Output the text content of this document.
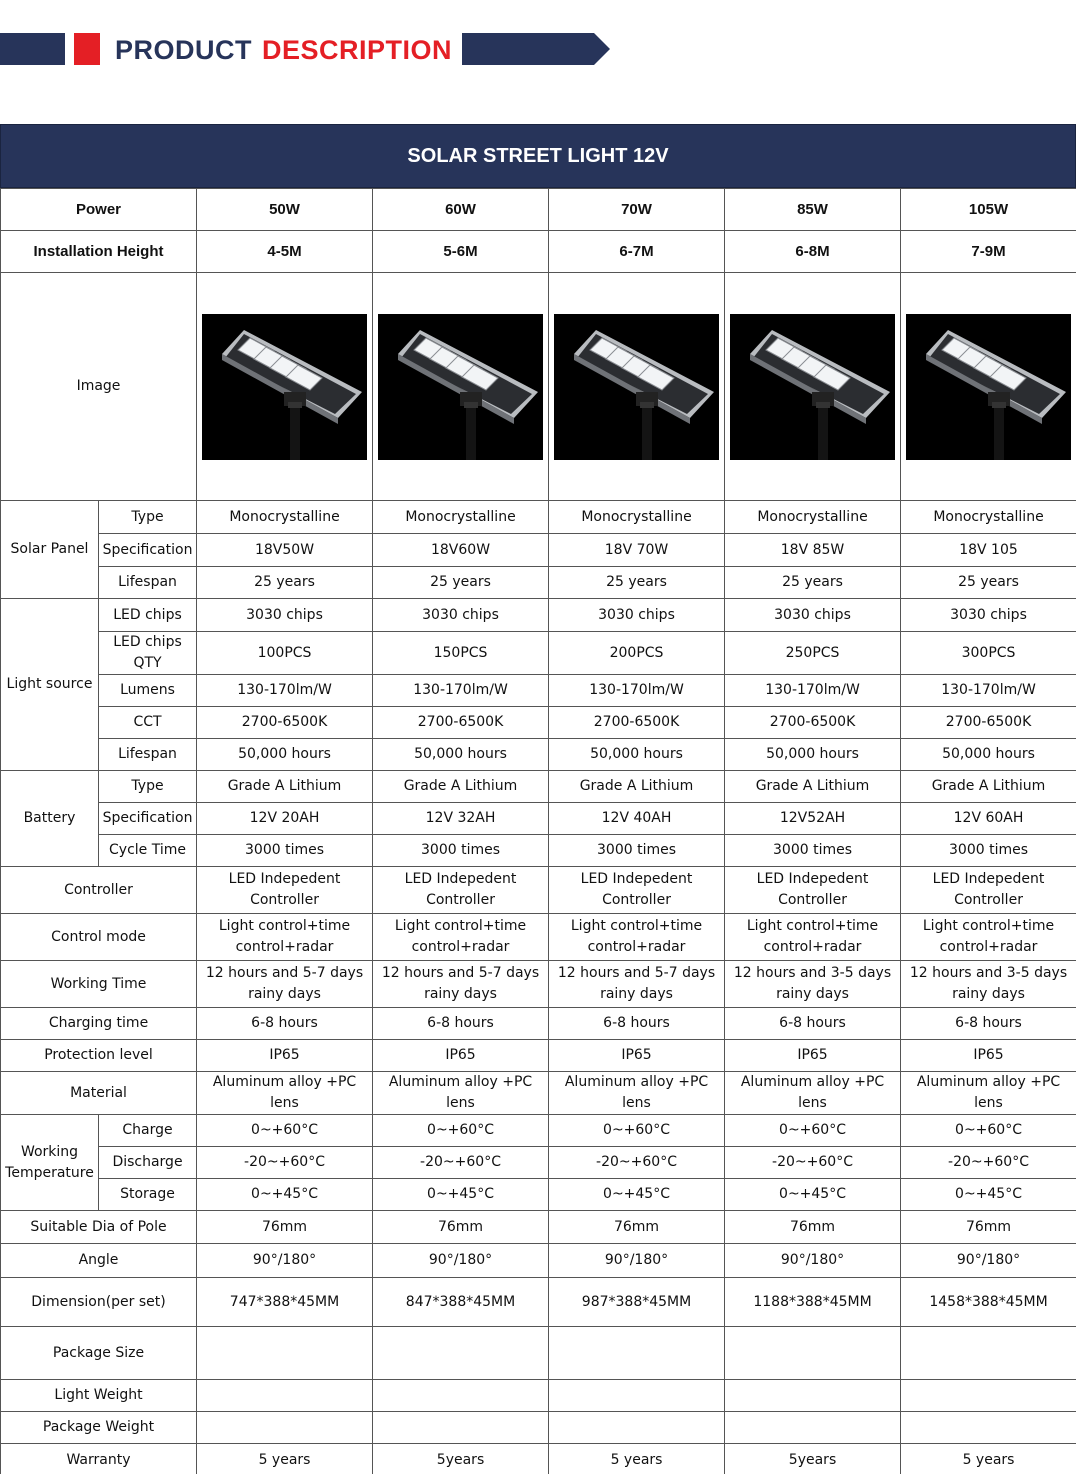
PRODUCT DESCRIPTION
SOLAR STREET LIGHT 12V
Power		50W	60W	70W	85W	105W
Installation Height		4-5M	5-6M	6-7M	6-8M	7-9M
Image	

Solar Panel	Type	Monocrystalline	Monocrystalline	Monocrystalline	Monocrystalline	Monocrystalline
	Specification	18V50W	18V60W	18V 70W	18V 85W	18V 105
	Lifespan	25 years	25 years	25 years	25 years	25 years
Light source	LED chips	3030 chips	3030 chips	3030 chips	3030 chips	3030 chips
	LED chips QTY	100PCS	150PCS	200PCS	250PCS	300PCS
	Lumens	130-170lm/W	130-170lm/W	130-170lm/W	130-170lm/W	130-170lm/W
	CCT	2700-6500K	2700-6500K	2700-6500K	2700-6500K	2700-6500K
	Lifespan	50,000 hours	50,000 hours	50,000 hours	50,000 hours	50,000 hours
Battery	Type	Grade A Lithium	Grade A Lithium	Grade A Lithium	Grade A Lithium	Grade A Lithium
	Specification	12V 20AH	12V 32AH	12V 40AH	12V52AH	12V 60AH
	Cycle Time	3000 times	3000 times	3000 times	3000 times	3000 times
Controller		LED Indepedent Controller	LED Indepedent Controller	LED Indepedent Controller	LED Indepedent Controller	LED Indepedent Controller
Control mode		Light control+time control+radar	Light control+time control+radar	Light control+time control+radar	Light control+time control+radar	Light control+time control+radar
Working Time		12 hours and 5-7 days rainy days	12 hours and 5-7 days rainy days	12 hours and 5-7 days rainy days	12 hours and 3-5 days rainy days	12 hours and 3-5 days rainy days
Charging time		6-8 hours	6-8 hours	6-8 hours	6-8 hours	6-8 hours
Protection level		IP65	IP65	IP65	IP65	IP65
Material		Aluminum alloy +PC lens	Aluminum alloy +PC lens	Aluminum alloy +PC lens	Aluminum alloy +PC lens	Aluminum alloy +PC lens
Working Temperature	Charge	0~+60°C	0~+60°C	0~+60°C	0~+60°C	0~+60°C
	Discharge	-20~+60°C	-20~+60°C	-20~+60°C	-20~+60°C	-20~+60°C
	Storage	0~+45°C	0~+45°C	0~+45°C	0~+45°C	0~+45°C
Suitable Dia of Pole		76mm	76mm	76mm	76mm	76mm
Angle		90°/180°	90°/180°	90°/180°	90°/180°	90°/180°
Dimension(per set)		747*388*45MM	847*388*45MM	987*388*45MM	1188*388*45MM	1458*388*45MM
Package Size						
Light Weight						
Package Weight						
Warranty		5 years	5years	5 years	5years	5 years
